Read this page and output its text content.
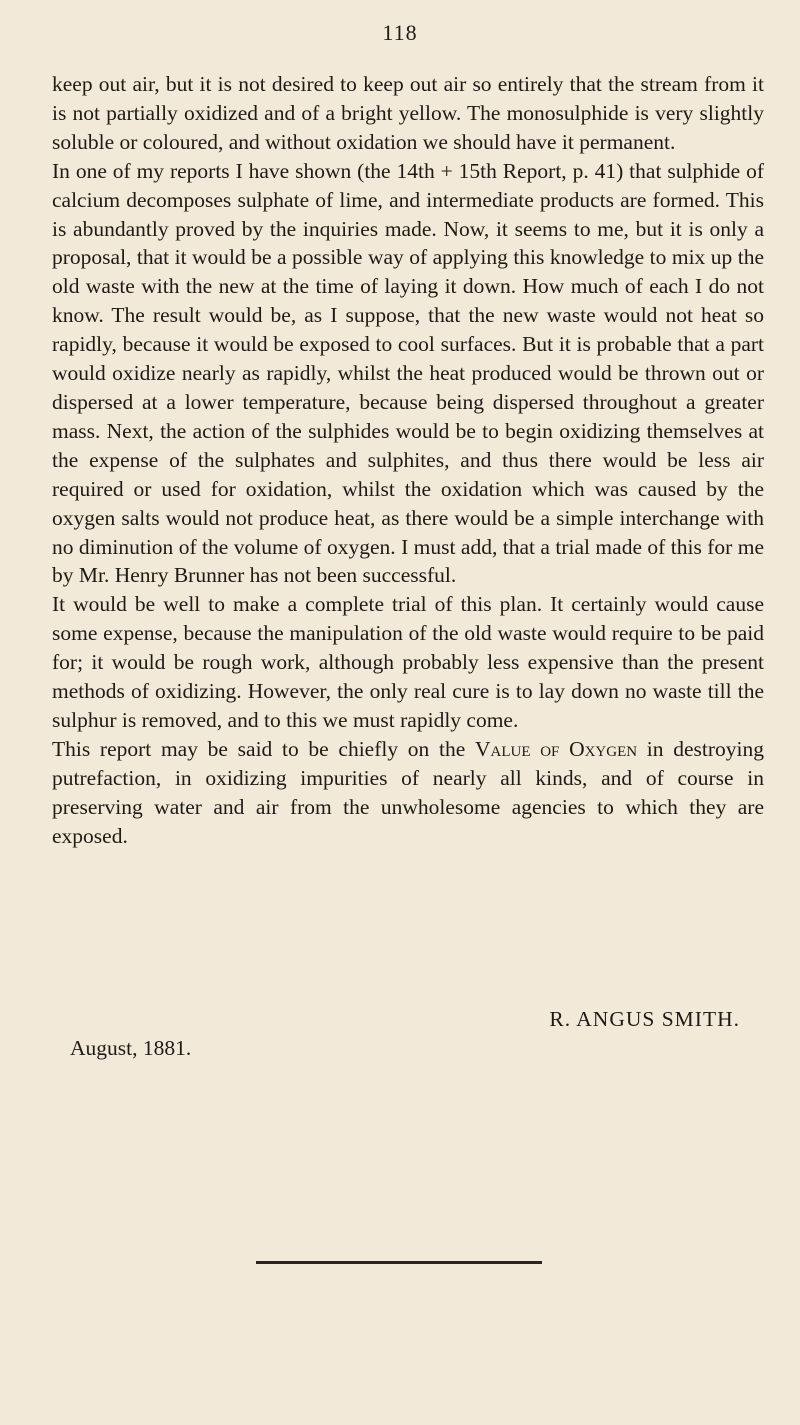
118

keep out air, but it is not desired to keep out air so entirely that the stream from it is not partially oxidized and of a bright yellow. The monosulphide is very slightly soluble or coloured, and without oxidation we should have it permanent.

In one of my reports I have shown (the 14th + 15th Report, p. 41) that sulphide of calcium decomposes sulphate of lime, and intermediate products are formed. This is abundantly proved by the inquiries made. Now, it seems to me, but it is only a proposal, that it would be a possible way of applying this knowledge to mix up the old waste with the new at the time of laying it down. How much of each I do not know. The result would be, as I suppose, that the new waste would not heat so rapidly, because it would be exposed to cool surfaces. But it is probable that a part would oxidize nearly as rapidly, whilst the heat produced would be thrown out or dispersed at a lower temperature, because being dispersed throughout a greater mass. Next, the action of the sulphides would be to begin oxidizing themselves at the expense of the sulphates and sulphites, and thus there would be less air required or used for oxidation, whilst the oxidation which was caused by the oxygen salts would not produce heat, as there would be a simple interchange with no diminution of the volume of oxygen. I must add, that a trial made of this for me by Mr. Henry Brunner has not been successful.

It would be well to make a complete trial of this plan. It certainly would cause some expense, because the manipulation of the old waste would require to be paid for; it would be rough work, although probably less expensive than the present methods of oxidizing. However, the only real cure is to lay down no waste till the sulphur is removed, and to this we must rapidly come.

This report may be said to be chiefly on the Value of Oxygen in destroying putrefaction, in oxidizing impurities of nearly all kinds, and of course in preserving water and air from the unwholesome agencies to which they are exposed.

R. ANGUS SMITH.
August, 1881.
